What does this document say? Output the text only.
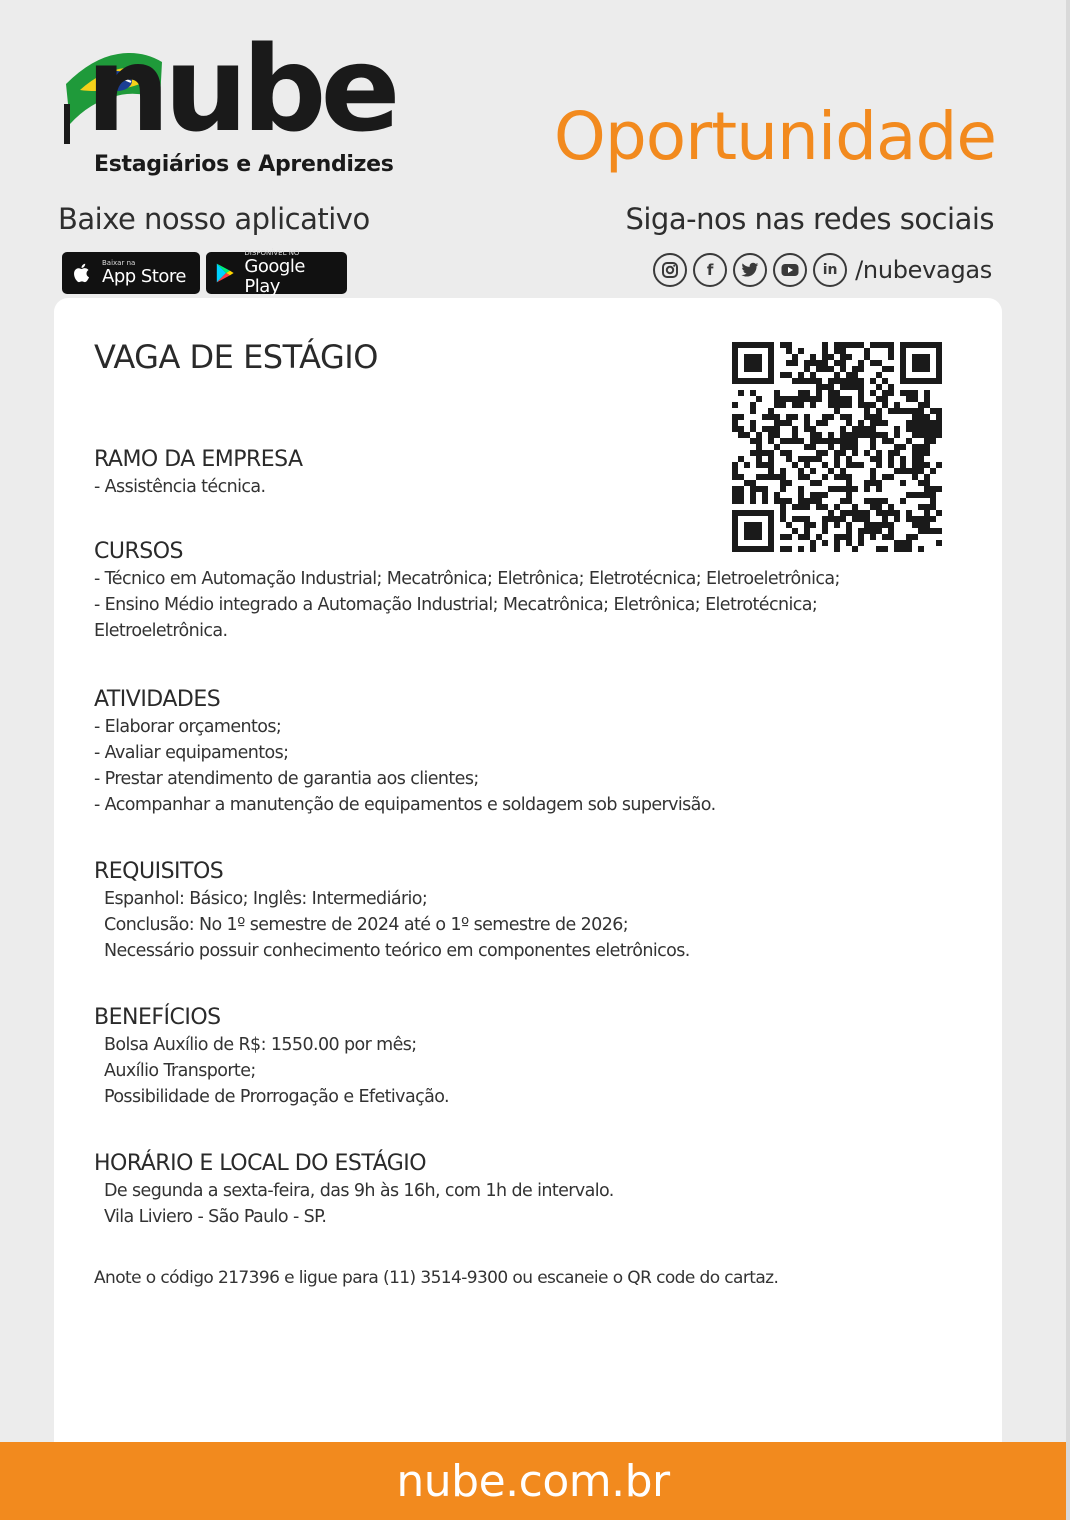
nube
Estagiários e Aprendizes Oportunidade
Baixe nosso aplicativo	Siga-nos nas redes sociais
Baixar na
App Store
DISPONÍVEL NO
Google Play
f	in /nubevagas
VAGA DE ESTÁGIO
RAMO DA EMPRESA
- Assistência técnica.
CURSOS
- Técnico em Automação Industrial; Mecatrônica; Eletrônica; Eletrotécnica; Eletroeletrônica;
- Ensino Médio integrado a Automação Industrial; Mecatrônica; Eletrônica; Eletrotécnica; Eletroeletrônica.
ATIVIDADES
- Elaborar orçamentos;
- Avaliar equipamentos;
- Prestar atendimento de garantia aos clientes;
- Acompanhar a manutenção de equipamentos e soldagem sob supervisão.
REQUISITOS
Espanhol: Básico; Inglês: Intermediário;
Conclusão: No 1º semestre de 2024 até o 1º semestre de 2026;
Necessário possuir conhecimento teórico em componentes eletrônicos.
BENEFÍCIOS
Bolsa Auxílio de R$: 1550.00 por mês;
Auxílio Transporte;
Possibilidade de Prorrogação e Efetivação.
HORÁRIO E LOCAL DO ESTÁGIO
De segunda a sexta-feira, das 9h às 16h, com 1h de intervalo.
Vila Liviero - São Paulo - SP.
Anote o código 217396 e ligue para (11) 3514-9300 ou escaneie o QR code do cartaz.
nube.com.br
